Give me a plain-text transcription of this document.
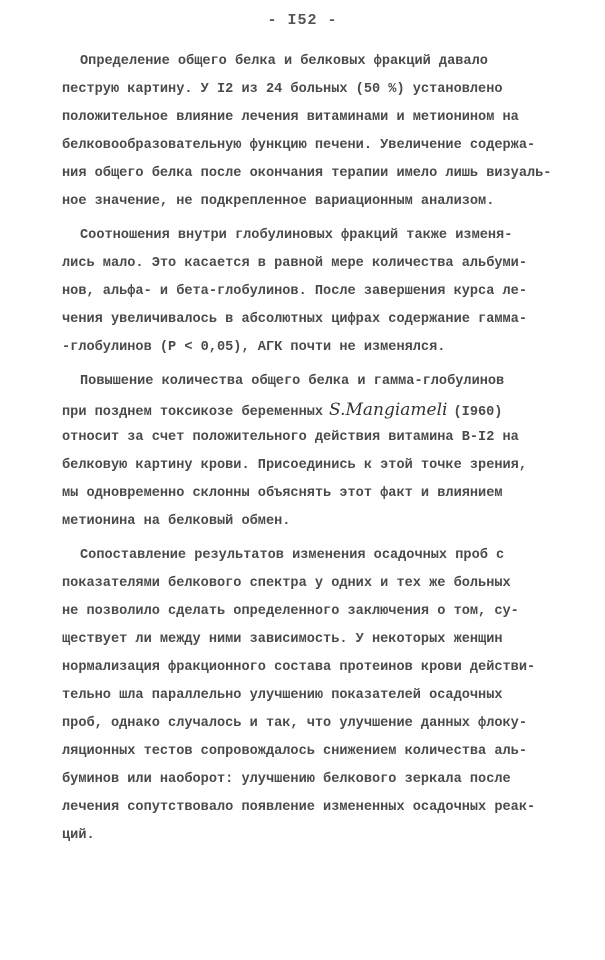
- I52 -
Определение общего белка и белковых фракций давало
пеструю картину. У I2 из 24 больных (50 %) установлено
положительное влияние лечения витаминами и метионином на
белковообразовательную функцию печени. Увеличение содержа-
ния общего белка после окончания терапии имело лишь визуаль-
ное значение, не подкрепленное вариационным анализом.
Соотношения внутри глобулиновых фракций также изменя-
лись мало. Это касается в равной мере количества альбуми-
нов, альфа- и бета-глобулинов. После завершения курса ле-
чения увеличивалось в абсолютных цифрах содержание гамма-
-глобулинов (Р < 0,05), АГК почти не изменялся.
Повышение количества общего белка и гамма-глобулинов
при позднем токсикозе беременных S.Mangiameli (I960)
относит за счет положительного действия витамина В-I2 на
белковую картину крови. Присоединись к этой точке зрения,
мы одновременно склонны объяснять этот факт и влиянием
метионина на белковый обмен.
Сопоставление результатов изменения осадочных проб с
показателями белкового спектра у одних и тех же больных
не позволило сделать определенного заключения о том, су-
ществует ли между ними зависимость. У некоторых женщин
нормализация фракционного состава протеинов крови действи-
тельно шла параллельно улучшению показателей осадочных
проб, однако случалось и так, что улучшение данных флоку-
ляционных тестов сопровождалось снижением количества аль-
буминов или наоборот: улучшению белкового зеркала после
лечения сопутствовало появление измененных осадочных реак-
ций.
